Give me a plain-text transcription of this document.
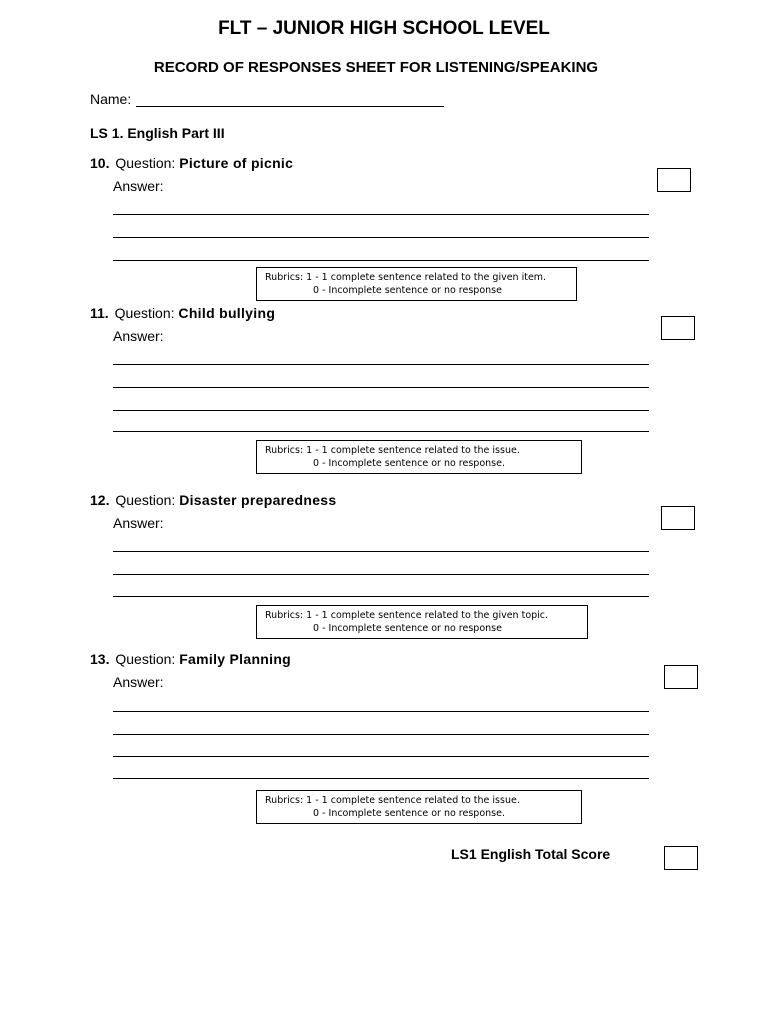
FLT – JUNIOR HIGH SCHOOL LEVEL
RECORD OF RESPONSES SHEET FOR LISTENING/SPEAKING
Name:
LS 1. English Part III
10. Question: Picture of picnic
Answer:
Rubrics: 1 - 1 complete sentence related to the given item.
0 - Incomplete sentence or no response
11. Question: Child bullying
Answer:
Rubrics: 1 - 1 complete sentence related to the issue.
0 - Incomplete sentence or no response.
12. Question: Disaster preparedness
Answer:
Rubrics: 1 - 1 complete sentence related to the given topic.
0 - Incomplete sentence or no response
13. Question: Family Planning
Answer:
Rubrics: 1 - 1 complete sentence related to the issue.
0 - Incomplete sentence or no response.
LS1 English Total Score
